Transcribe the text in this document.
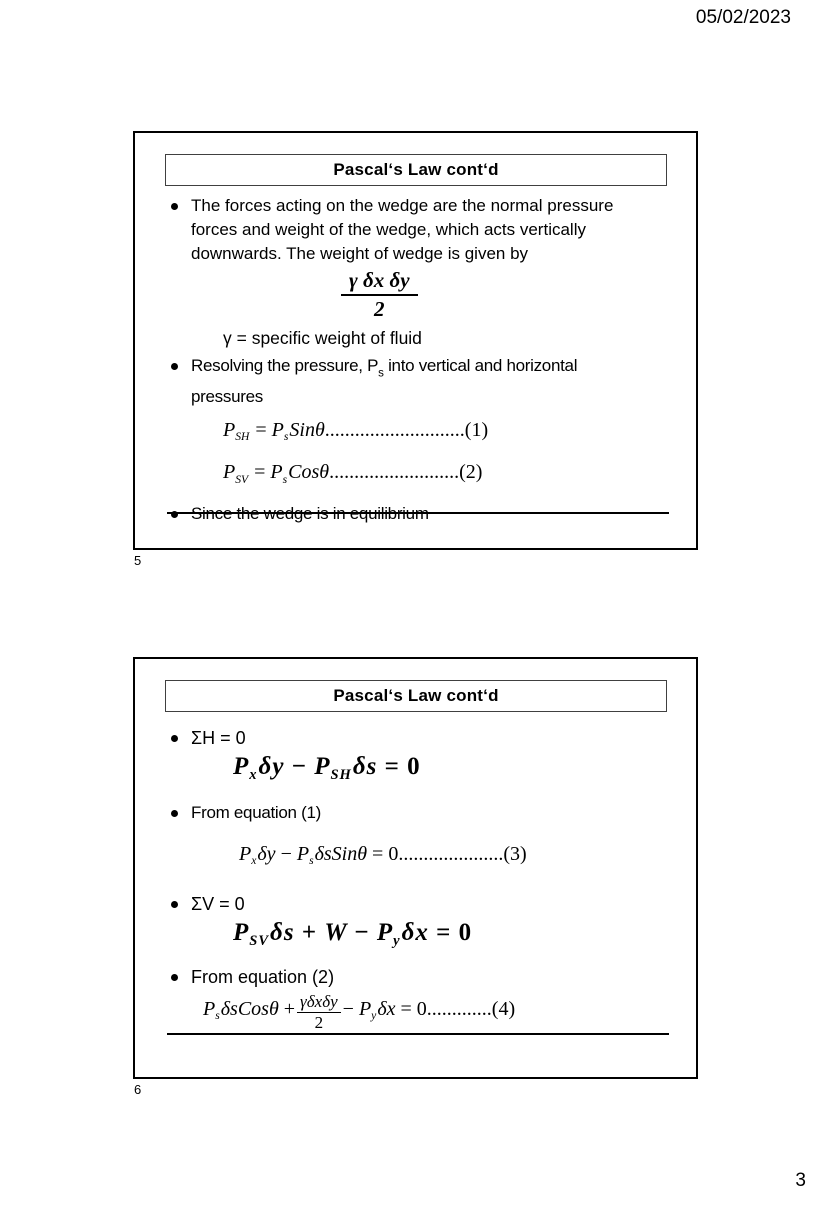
05/02/2023
Pascal‘s Law cont‘d
The forces acting on the wedge are the normal pressure forces and weight of the wedge, which acts vertically downwards. The weight of wedge is given by
$\frac{\text{γ δx δy}}{2}$
γ = specific weight of fluid
Resolving the pressure, $P_s$ into vertical and horizontal pressures
$P_{SH} = P_sSin\theta............................(1)$
$P_{SV} = P_sCos\theta..........................(2)$
Since the wedge is in equilibrium
5
Pascal‘s Law cont‘d
ΣH = 0
$P_x\delta y - P_{SH}\delta s = 0$
From equation (1)
$P_x\delta y$ − $P_s\delta sSin\theta = 0.....................(3)$
ΣV = 0
$P_{SV}\delta s + W - P_y\delta x = 0$
From equation (2)
$P_s\delta sCos\theta + \frac{\text{γδxδy}}{2} - P_y\delta x = 0.............(4)$
6
3
